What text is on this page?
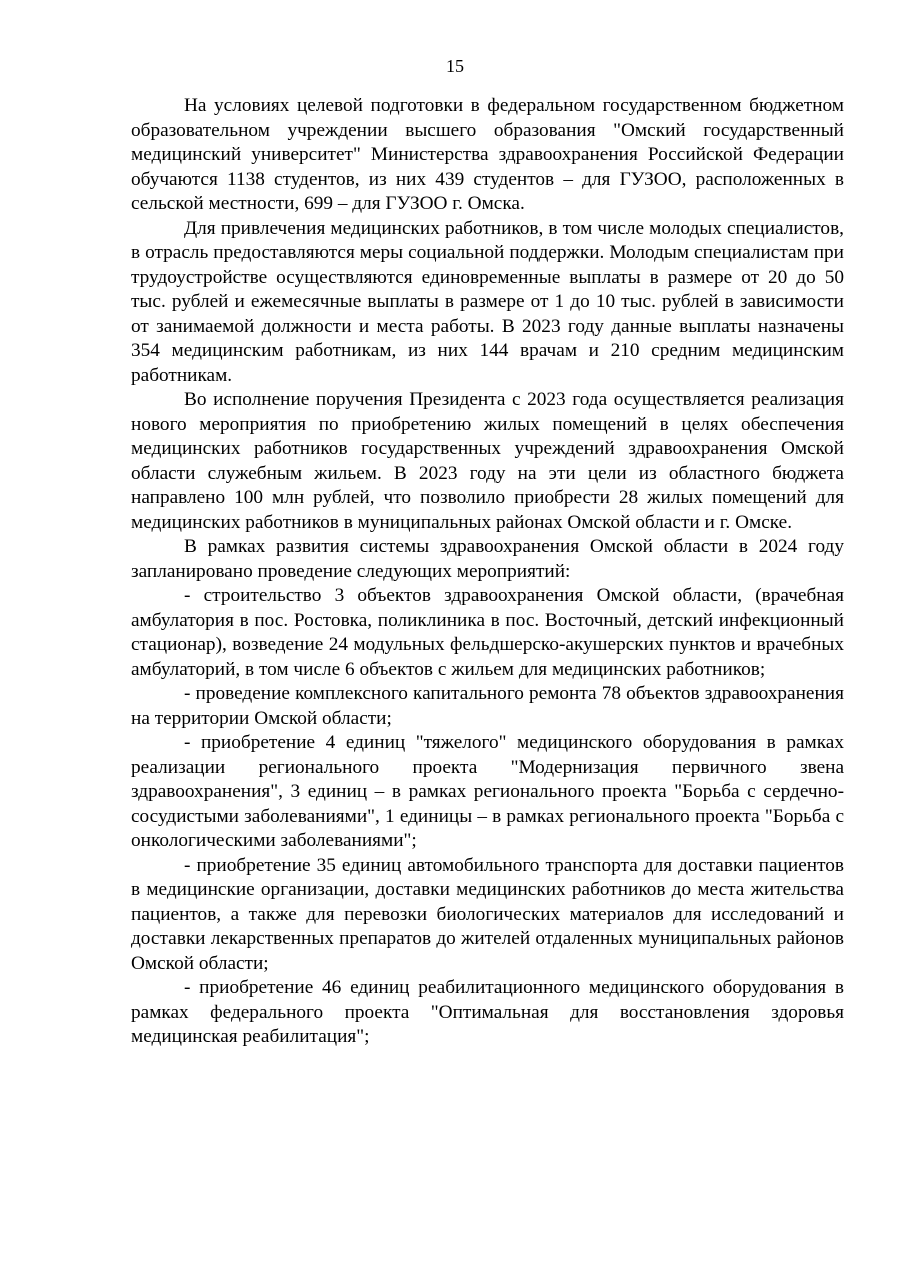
15

На условиях целевой подготовки в федеральном государственном бюджетном образовательном учреждении высшего образования "Омский государственный медицинский университет" Министерства здравоохранения Российской Федерации обучаются 1138 студентов, из них 439 студентов – для ГУЗОО, расположенных в сельской местности, 699 – для ГУЗОО г. Омска.

Для привлечения медицинских работников, в том числе молодых специалистов, в отрасль предоставляются меры социальной поддержки. Молодым специалистам при трудоустройстве осуществляются единовременные выплаты в размере от 20 до 50 тыс. рублей и ежемесячные выплаты в размере от 1 до 10 тыс. рублей в зависимости от занимаемой должности и места работы. В 2023 году данные выплаты назначены 354 медицинским работникам, из них 144 врачам и 210 средним медицинским работникам.

Во исполнение поручения Президента с 2023 года осуществляется реализация нового мероприятия по приобретению жилых помещений в целях обеспечения медицинских работников государственных учреждений здравоохранения Омской области служебным жильем. В 2023 году на эти цели из областного бюджета направлено 100 млн рублей, что позволило приобрести 28 жилых помещений для медицинских работников в муниципальных районах Омской области и г. Омске.

В рамках развития системы здравоохранения Омской области в 2024 году запланировано проведение следующих мероприятий:

- строительство 3 объектов здравоохранения Омской области, (врачебная амбулатория в пос. Ростовка, поликлиника в пос. Восточный, детский инфекционный стационар), возведение 24 модульных фельдшерско-акушерских пунктов и врачебных амбулаторий, в том числе 6 объектов с жильем для медицинских работников;

- проведение комплексного капитального ремонта 78 объектов здравоохранения на территории Омской области;

- приобретение 4 единиц "тяжелого" медицинского оборудования в рамках реализации регионального проекта "Модернизация первичного звена здравоохранения", 3 единиц – в рамках регионального проекта "Борьба с сердечно-сосудистыми заболеваниями", 1 единицы – в рамках регионального проекта "Борьба с онкологическими заболеваниями";

- приобретение 35 единиц автомобильного транспорта для доставки пациентов в медицинские организации, доставки медицинских работников до места жительства пациентов, а также для перевозки биологических материалов для исследований и доставки лекарственных препаратов до жителей отдаленных муниципальных районов Омской области;

- приобретение 46 единиц реабилитационного медицинского оборудования в рамках федерального проекта "Оптимальная для восстановления здоровья медицинская реабилитация";
